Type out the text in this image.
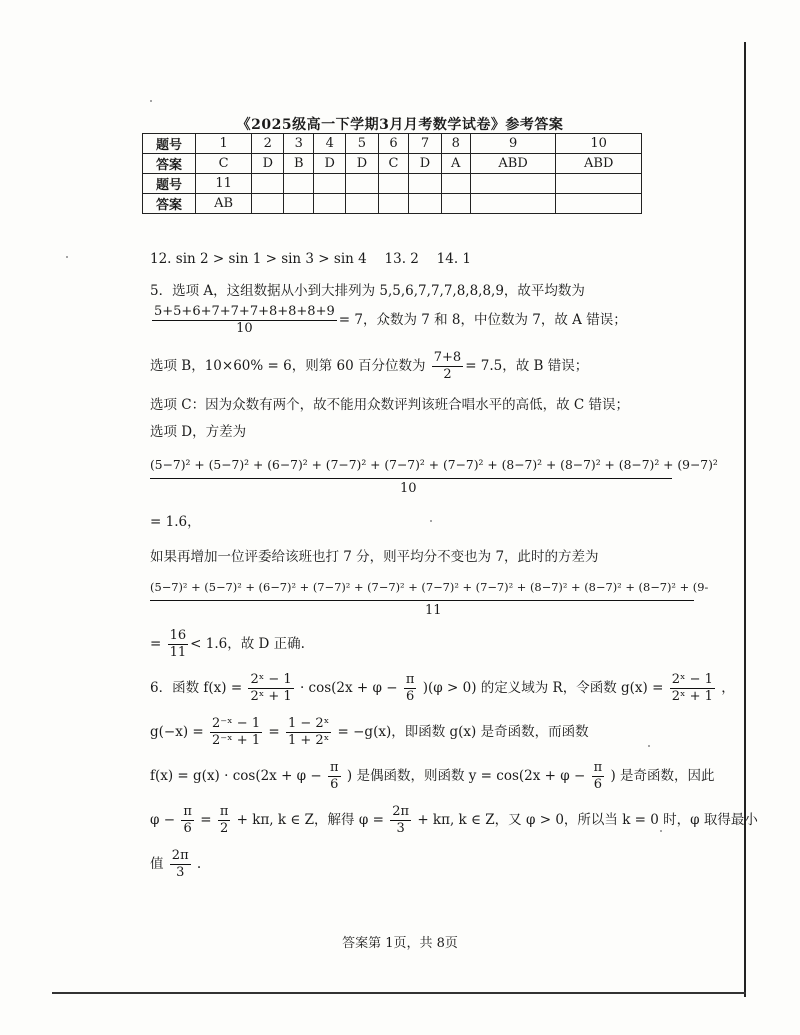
《2025级高一下学期3月月考数学试卷》参考答案
题号	1	2	3	4	5	6	7	8	9	10
答案	C	D	B	D	D	C	D	A	ABD	ABD
题号	11									
答案	AB									
12. sin 2 > sin 1 > sin 3 > sin 4　 13. 2　 14. 1
5．选项 A，这组数据从小到大排列为 5,5,6,7,7,7,8,8,8,9，故平均数为
$\frac{5+5+6+7+7+7+8+8+8+9}{10} = 7$，众数为 7 和 8，中位数为 7，故 A 错误；
选项 B，10×60% = 6，则第 60 百分位数为 $\frac{7+8}{2} = 7.5$，故 B 错误；
选项 C：因为众数有两个，故不能用众数评判该班合唱水平的高低，故 C 错误；
选项 D，方差为
(5−7)² + (5−7)² + (6−7)² + (7−7)² + (7−7)² + (7−7)² + (8−7)² + (8−7)² + (8−7)² + (9−7)²
10
= 1.6，
如果再增加一位评委给该班也打 7 分，则平均分不变也为 7，此时的方差为
(5−7)² + (5−7)² + (6−7)² + (7−7)² + (7−7)² + (7−7)² + (7−7)² + (8−7)² + (8−7)² + (8−7)² + (9-
11
= $\frac{16}{11} < 1.6$，故 D 正确.
6．函数 $f(x) = \frac{\text{2ˣ − 1}}{\text{2ˣ + 1}} \cdot \cos(2x + \varphi - \frac{\pi}{6} )(\varphi > 0)$ 的定义域为 R，令函数 $g(x) = \frac{\text{2ˣ − 1}}{\text{2ˣ + 1}}$ ，
$g(-x) = \frac{\text{2⁻ˣ − 1}}{\text{2⁻ˣ + 1}} = \frac{\text{1 − 2ˣ}}{\text{1 + 2ˣ}} = -g(x)$，即函数 g(x) 是奇函数，而函数
$f(x) = g(x) \cdot \cos(2x + \varphi - \frac{\pi}{6}$ ) 是偶函数，则函数 $y = \cos(2x + \varphi - \frac{\pi}{6}$ ) 是奇函数，因此
$\varphi - \frac{\pi}{6} = \frac{\pi}{2} + k\pi$, k ∈ Z，解得 $\varphi = \frac{2\pi}{3} + k\pi$, k ∈ Z，又 φ > 0，所以当 k = 0 时，φ 取得最小
值 $\frac{2\pi}{3}$ .
答案第 1页，共 8页
